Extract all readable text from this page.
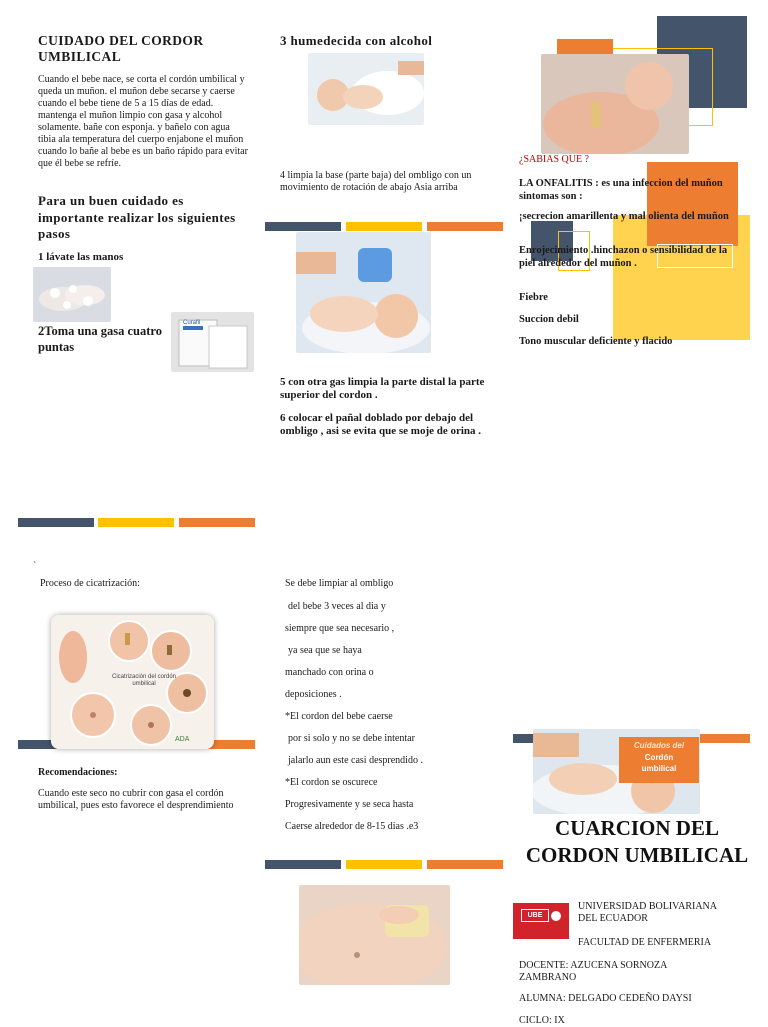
CUIDADO DEL CORDOR UMBILICAL

Cuando el bebe nace, se corta el cordón umbilical y queda un muñon. el muñon debe secarse y caerse cuando el bebe tiene de 5 a 15 días de edad. mantenga el muñon limpio con gasa y alcohol solamente. bañe con esponja. y bañelo con agua tibia ala temperatura del cuerpo enjabone el muñon cuando lo bañe al bebe es un baño rápido para evitar que él bebe se refríe.

Para un buen cuidado es importante realizar los siguientes pasos

1 lávate las manos

2Toma una gasa cuatro puntas

Curafil

3 humedecida con alcohol

4 limpia la base (parte baja) del ombligo con un movimiento de rotación de abajo Asia arriba

5 con otra gas limpia la parte distal la parte superior del cordon .

6 colocar el pañal doblado por debajo del ombligo , asi se evita que se moje de orina .

¿SABIAS QUE ?

LA ONFALITIS : es una infeccion del muñon sintomas son :

¡secrecion amarillenta y mal olienta del muñon

Enrojecimiento .hinchazon o sensibilidad de la piel alrededor del muñon .

Fiebre

Succion debil

Tono muscular deficiente y flacido

`

Proceso de cicatrización:

Cicatrización del cordón umbilical
ADA

Recomendaciones:

Cuando este seco no cubrir con gasa el cordón umbilical, pues esto favorece el desprendimiento

Se debe limpiar al ombligo

del bebe 3 veces al dia y

siempre que sea necesario ,

ya sea que se haya

manchado con orina o

deposiciones .

*El cordon del bebe caerse

por si solo y no se debe intentar

jalarlo aun este casi desprendido .

*El cordon se oscurece

Progresivamente y se seca hasta

Caerse alrededor de 8-15 dias .e3

Cuidados del

Cordón

umbilical

CUARCION DEL CORDON UMBILICAL
UBE

UNIVERSIDAD BOLIVARIANA DEL ECUADOR

FACULTAD DE ENFERMERIA

DOCENTE: AZUCENA SORNOZA ZAMBRANO

ALUMNA: DELGADO CEDEÑO DAYSI

CICLO: IX
